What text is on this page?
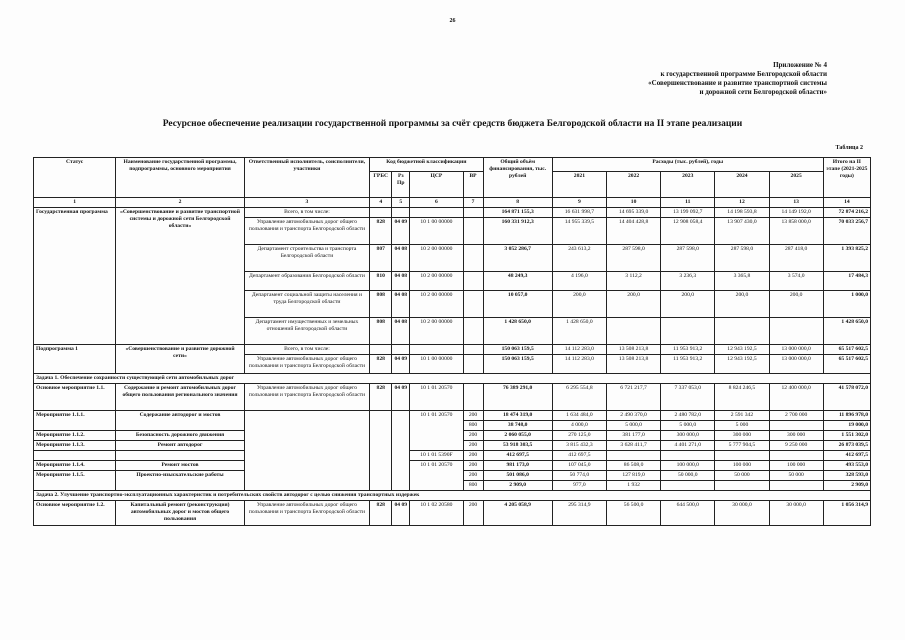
26
Приложение № 4
к государственной программе Белгородской области
«Совершенствование и развитие транспортной системы
и дорожной сети Белгородской области»
Ресурсное обеспечение реализации государственной программы за счёт средств бюджета Белгородской области на II этапе реализации
Таблица 2
Статус	Наименование государственной программы, подпрограммы, основного мероприятия	Ответственный исполнитель, соисполнители, участники	Код бюджетной классификации				Общий объём финансирования, тыс. рублей	Расходы (тыс. рублей), годы					Итого на II этапе (2021-2025 годы)
			ГРБС	Рз Пр	ЦСР	ВР		2021	2022	2023	2024	2025	
1	2	3	4	5	6	7	8	9	10	11	12	13	14
Государственная программа	«Совершенствование и развитие транспортной системы и дорожной сети Белгородской области»	Всего, в том числе:					164 871 155,3	16 631 998,7	14 695 339,0	13 199 092,7	14 198 593,8	14 149 192,0	72 874 216,2
		Управление автомобильных дорог общего пользования и транспорта Белгородской области	828	04 09	10 1 00 00000		160 331 912,3	14 955 339,5	14 404 428,8	12 908 058,4	13 907 430,0	13 858 000,0	70 033 256,7
		Департамент строительства и транспорта Белгородской области	807	04 08	10 2 00 00000		3 052 286,7	243 613,2	287 598,0	287 598,0	287 598,0	287 418,0	1 393 825,2
		Департамент образования Белгородской области	810	04 08	10 2 00 00000		48 249,3	4 196,0	3 112,2	3 236,3	3 365,8	3 574,0	17 484,3
		Департамент социальной защиты населения и труда Белгородской области	808	04 08	10 2 00 00000		10 057,0	200,0	200,0	200,0	200,0	200,0	1 000,0
		Департамент имущественных и земельных отношений Белгородской области	808	04 08	10 2 00 00000		1 428 650,0	1 428 650,0					1 428 650,0
Подпрограмма 1	«Совершенствование и развитие дорожной сети»	Всего, в том числе:					150 063 159,5	14 112 283,0	13 508 213,8	11 953 913,2	12 943 192,5	13 000 000,0	65 517 602,5
		Управление автомобильных дорог общего пользования и транспорта Белгородской области	828	04 09	10 1 00 00000		150 063 159,5	14 112 283,0	13 508 213,8	11 953 913,2	12 943 192,5	13 000 000,0	65 517 602,5
Задача 1. Обеспечение сохранности существующей сети автомобильных дорог													
Основное мероприятие 1.1.	Содержание и ремонт автомобильных дорог общего пользования регионального значения	Управление автомобильных дорог общего пользования и транспорта Белгородской области	828	04 09	10 1 01 20570		76 389 291,0	6 295 554,8	6 721 217,7	7 337 053,0	8 824 246,5	12 400 000,0	41 578 072,0
Мероприятие 1.1.1.	Содержание автодорог и мостов				10 1 01 20570	200	18 474 319,0	1 634 484,0	2 490 370,0	2 480 782,0	2 591 342	2 700 000	11 896 978,0
						800	38 748,0	4 000,0	5 000,0	5 000,0	5 000		19 000,0
Мероприятие 1.1.2.	Безопасность дорожного движения					200	2 060 055,0	270 125,0	381 177,0	300 000,0	300 000	300 000	1 551 302,0
Мероприятие 1.1.3.	Ремонт автодорог					200	53 918 303,5	3 815 432,3	3 628 411,7	4 401 271,0	5 777 904,5	9 250 000	26 873 039,5
					10 1 01 5390F	200	412 697,5	412 697,5					412 697,5
Мероприятие 1.1.4.	Ремонт мостов				10 1 01 20570	200	981 173,0	107 045,0	86 508,0	100 000,0	100 000	100 000	493 553,0
Мероприятие 1.1.5.	Проектно-изыскательские работы					200	501 086,0	50 774,0	127 819,0	50 000,0	50 000	50 000	328 593,0
						800	2 909,0	977,0	1 932				2 909,0
Задача 2. Улучшение транспортно-эксплуатационных характеристик и потребительских свойств автодорог с целью снижения транспортных издержек													
Основное мероприятие 1.2.	Капитальный ремонт (реконструкция) автомобильных дорог и мостов общего пользования	Управление автомобильных дорог общего пользования и транспорта Белгородской области	828	04 09	10 1 02 20580	200	4 205 058,9	295 314,9	56 500,0	644 500,0	30 000,0	30 000,0	1 056 314,9
